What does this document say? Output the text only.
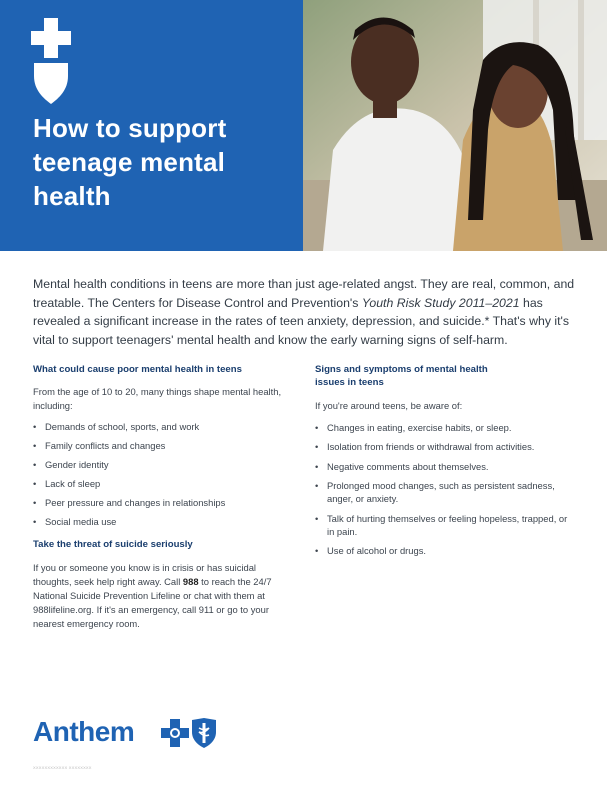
How to support
teenage mental
health

Mental health conditions in teens are more than just age-related angst. They are real, common, and treatable. The Centers for Disease Control and Prevention's Youth Risk Study 2011–2021 has revealed a significant increase in the rates of teen anxiety, depression, and suicide.* That's why it's vital to support teenagers' mental health and know the early warning signs of self-harm.

What could cause poor mental health in teens

From the age of 10 to 20, many things shape mental health, including:

• Demands of school, sports, and work
• Family conflicts and changes
• Gender identity
• Lack of sleep
• Peer pressure and changes in relationships
• Social media use
Take the threat of suicide seriously

If you or someone you know is in crisis or has suicidal thoughts, seek help right away. Call 988 to reach the 24/7 National Suicide Prevention Lifeline or chat with them at 988lifeline.org. If it's an emergency, call 911 or go to your nearest emergency room.

Signs and symptoms of mental health
issues in teens

If you're around teens, be aware of:

• Changes in eating, exercise habits, or sleep.
• Isolation from friends or withdrawal from activities.
• Negative comments about themselves.
• Prolonged mood changes, such as persistent sadness, anger, or anxiety.
• Talk of hurting themselves or feeling hopeless, trapped, or in pain.
• Use of alcohol or drugs.
Anthem
XXXXXXXXXXXX XXXXXXXX
